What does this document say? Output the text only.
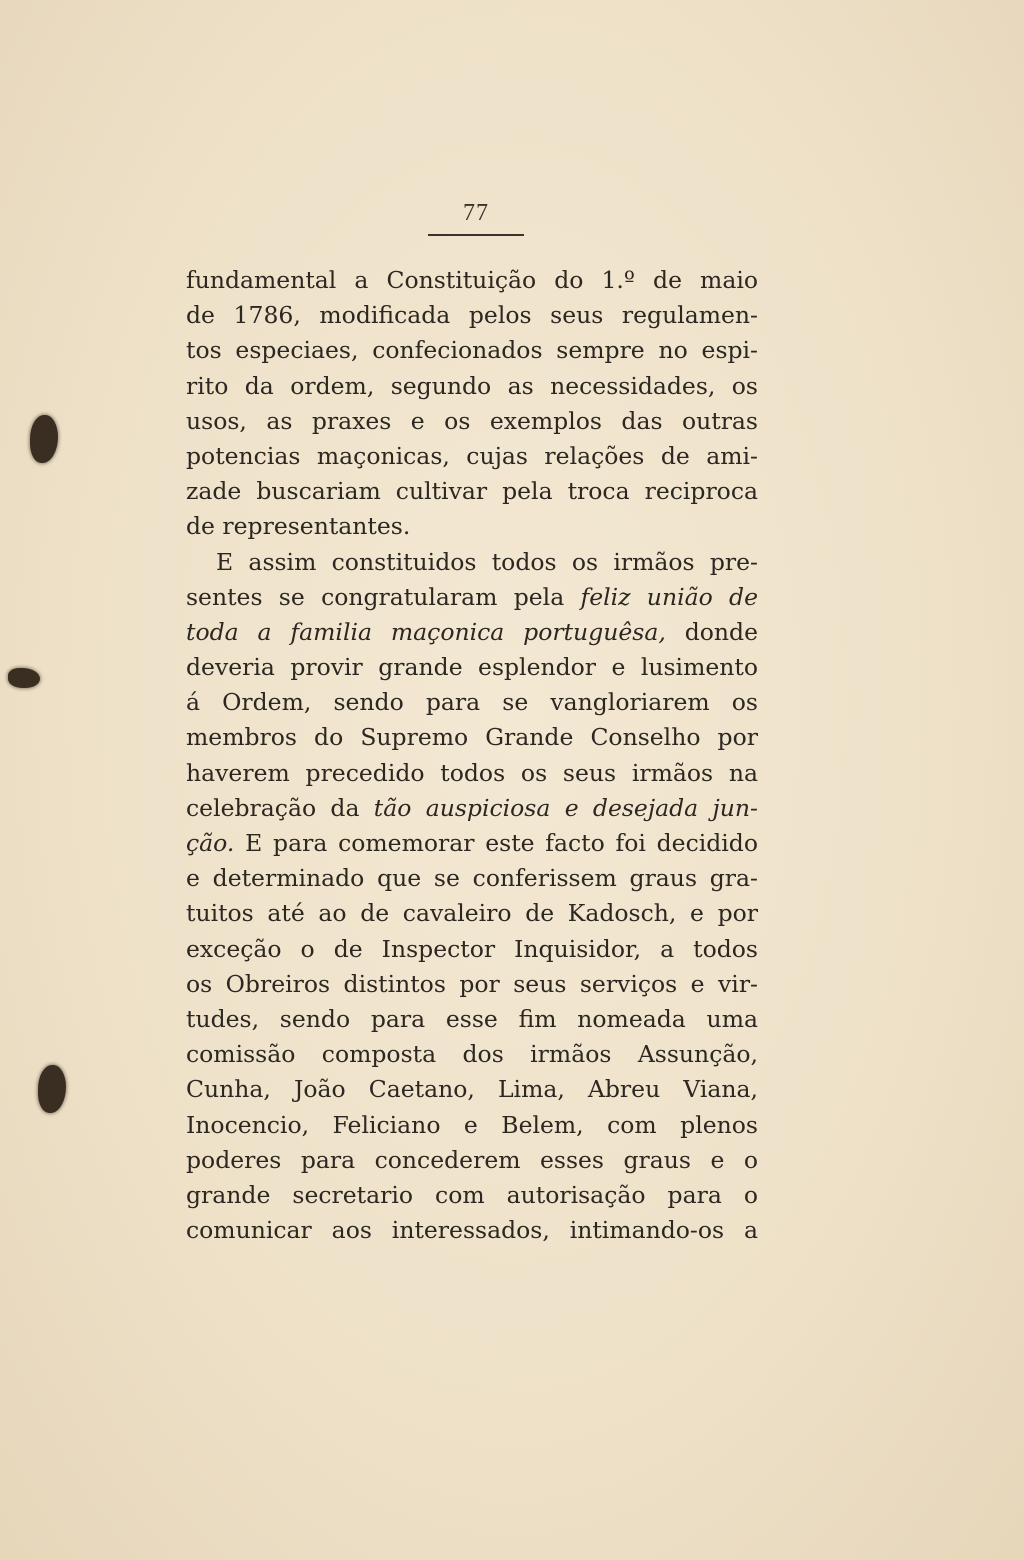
77
fundamental a Constituição do 1.º de maio
de 1786, modificada pelos seus regulamen-
tos especiaes, confecionados sempre no espi-
rito da ordem, segundo as necessidades, os
usos, as praxes e os exemplos das outras
potencias maçonicas, cujas relações de ami-
zade buscariam cultivar pela troca reciproca
de representantes.
E assim constituidos todos os irmãos pre-
sentes se congratularam pela feliz união de
toda a familia maçonica portuguêsa, donde
deveria provir grande esplendor e lusimento
á Ordem, sendo para se vangloriarem os
membros do Supremo Grande Conselho por
haverem precedido todos os seus irmãos na
celebração da tão auspiciosa e desejada jun-
ção. E para comemorar este facto foi decidido
e determinado que se conferissem graus gra-
tuitos até ao de cavaleiro de Kadosch, e por
exceção o de Inspector Inquisidor, a todos
os Obreiros distintos por seus serviços e vir-
tudes, sendo para esse fim nomeada uma
comissão composta dos irmãos Assunção,
Cunha, João Caetano, Lima, Abreu Viana,
Inocencio, Feliciano e Belem, com plenos
poderes para concederem esses graus e o
grande secretario com autorisação para o
comunicar aos interessados, intimando-os a
